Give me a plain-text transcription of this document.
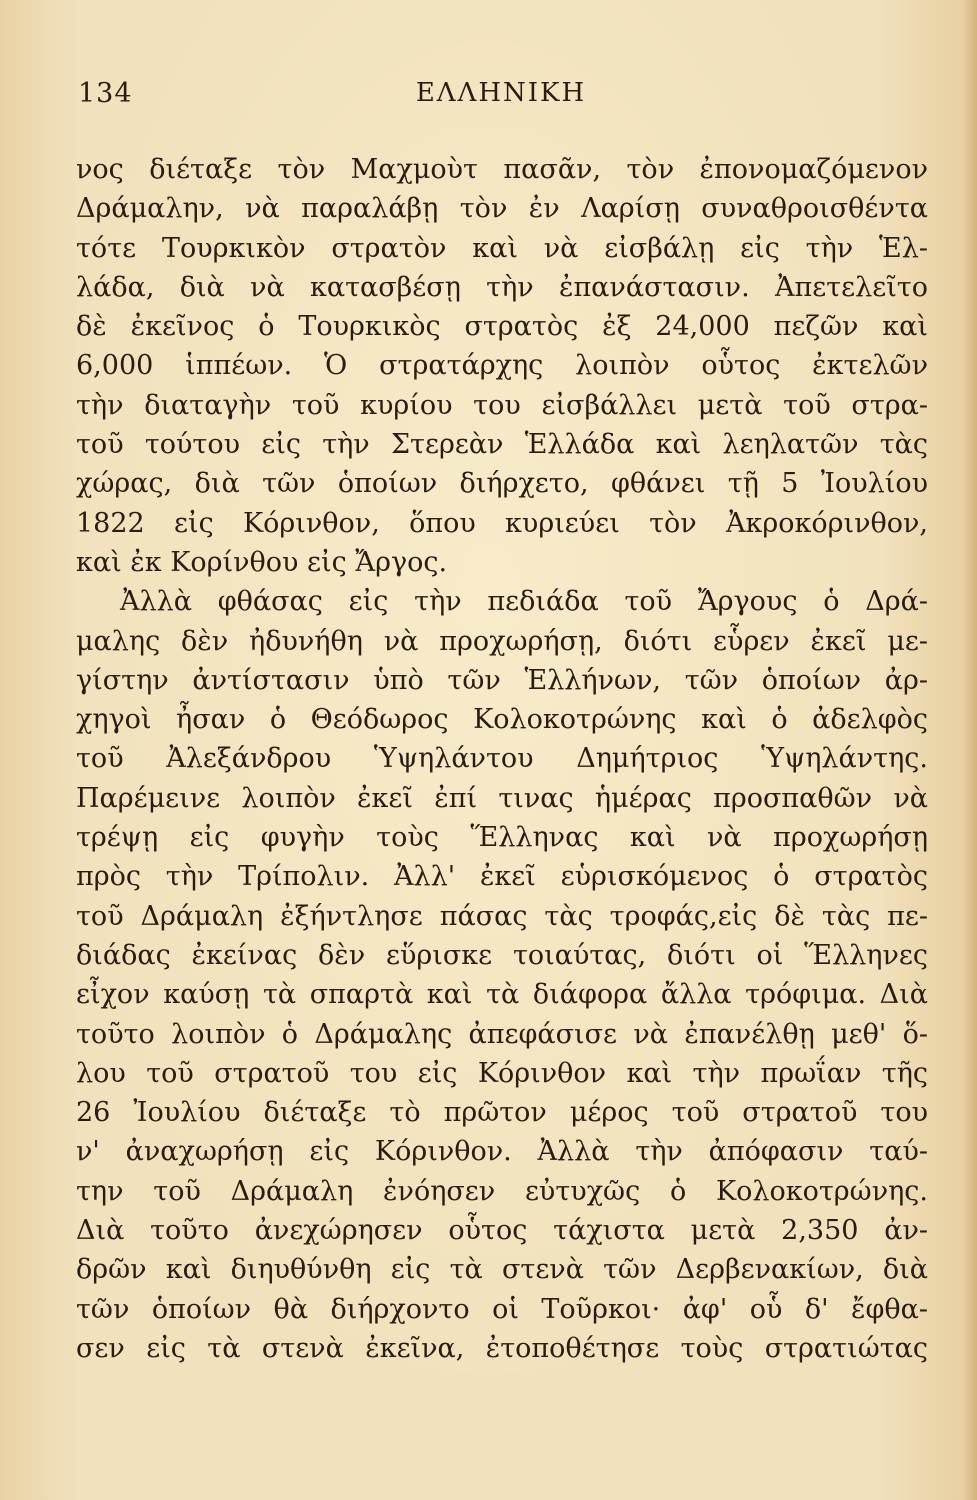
134	ΕΛΛΗΝΙΚΗ
νος διέταξε τὸν Μαχμοὺτ πασᾶν, τὸν ἐπονομαζόμενον
Δράμαλην, νὰ παραλάβῃ τὸν ἐν Λαρίσῃ συναθροισθέντα
τότε Τουρκικὸν στρατὸν καὶ νὰ εἰσβάλῃ εἰς τὴν Ἑλ-
λάδα, διὰ νὰ κατασβέσῃ τὴν ἐπανάστασιν. Ἀπετελεῖτο
δὲ ἐκεῖνος ὁ Τουρκικὸς στρατὸς ἐξ 24,000 πεζῶν καὶ
6,000 ἱππέων. Ὁ στρατάρχης λοιπὸν οὗτος ἐκτελῶν
τὴν διαταγὴν τοῦ κυρίου του εἰσβάλλει μετὰ τοῦ στρα-
τοῦ τούτου εἰς τὴν Στερεὰν Ἑλλάδα καὶ λεηλατῶν τὰς
χώρας, διὰ τῶν ὁποίων διήρχετο, φθάνει τῇ 5 Ἰουλίου
1822 εἰς Κόρινθον, ὅπου κυριεύει τὸν Ἀκροκόρινθον,
καὶ ἐκ Κορίνθου εἰς Ἄργος.
Ἀλλὰ φθάσας εἰς τὴν πεδιάδα τοῦ Ἄργους ὁ Δρά-
μαλης δὲν ἠδυνήθη νὰ προχωρήσῃ, διότι εὗρεν ἐκεῖ με-
γίστην ἀντίστασιν ὑπὸ τῶν Ἑλλήνων, τῶν ὁποίων ἀρ-
χηγοὶ ἦσαν ὁ Θεόδωρος Κολοκοτρώνης καὶ ὁ ἀδελφὸς
τοῦ Ἀλεξάνδρου Ὑψηλάντου Δημήτριος Ὑψηλάντης.
Παρέμεινε λοιπὸν ἐκεῖ ἐπί τινας ἡμέρας προσπαθῶν νὰ
τρέψῃ εἰς φυγὴν τοὺς Ἕλληνας καὶ νὰ προχωρήσῃ
πρὸς τὴν Τρίπολιν. Ἀλλ' ἐκεῖ εὑρισκόμενος ὁ στρατὸς
τοῦ Δράμαλη ἐξήντλησε πάσας τὰς τροφάς,εἰς δὲ τὰς πε-
διάδας ἐκείνας δὲν εὕρισκε τοιαύτας, διότι οἱ Ἕλληνες
εἶχον καύσῃ τὰ σπαρτὰ καὶ τὰ διάφορα ἄλλα τρόφιμα. Διὰ
τοῦτο λοιπὸν ὁ Δράμαλης ἀπεφάσισε νὰ ἐπανέλθῃ μεθ' ὅ-
λου τοῦ στρατοῦ του εἰς Κόρινθον καὶ τὴν πρωΐαν τῆς
26 Ἰουλίου διέταξε τὸ πρῶτον μέρος τοῦ στρατοῦ του
ν' ἀναχωρήσῃ εἰς Κόρινθον. Ἀλλὰ τὴν ἀπόφασιν ταύ-
την τοῦ Δράμαλη ἐνόησεν εὐτυχῶς ὁ Κολοκοτρώνης.
Διὰ τοῦτο ἀνεχώρησεν οὗτος τάχιστα μετὰ 2,350 ἀν-
δρῶν καὶ διηυθύνθη εἰς τὰ στενὰ τῶν Δερβενακίων, διὰ
τῶν ὁποίων θὰ διήρχοντο οἱ Τοῦρκοι· ἀφ' οὗ δ' ἔφθα-
σεν εἰς τὰ στενὰ ἐκεῖνα, ἐτοποθέτησε τοὺς στρατιώτας
